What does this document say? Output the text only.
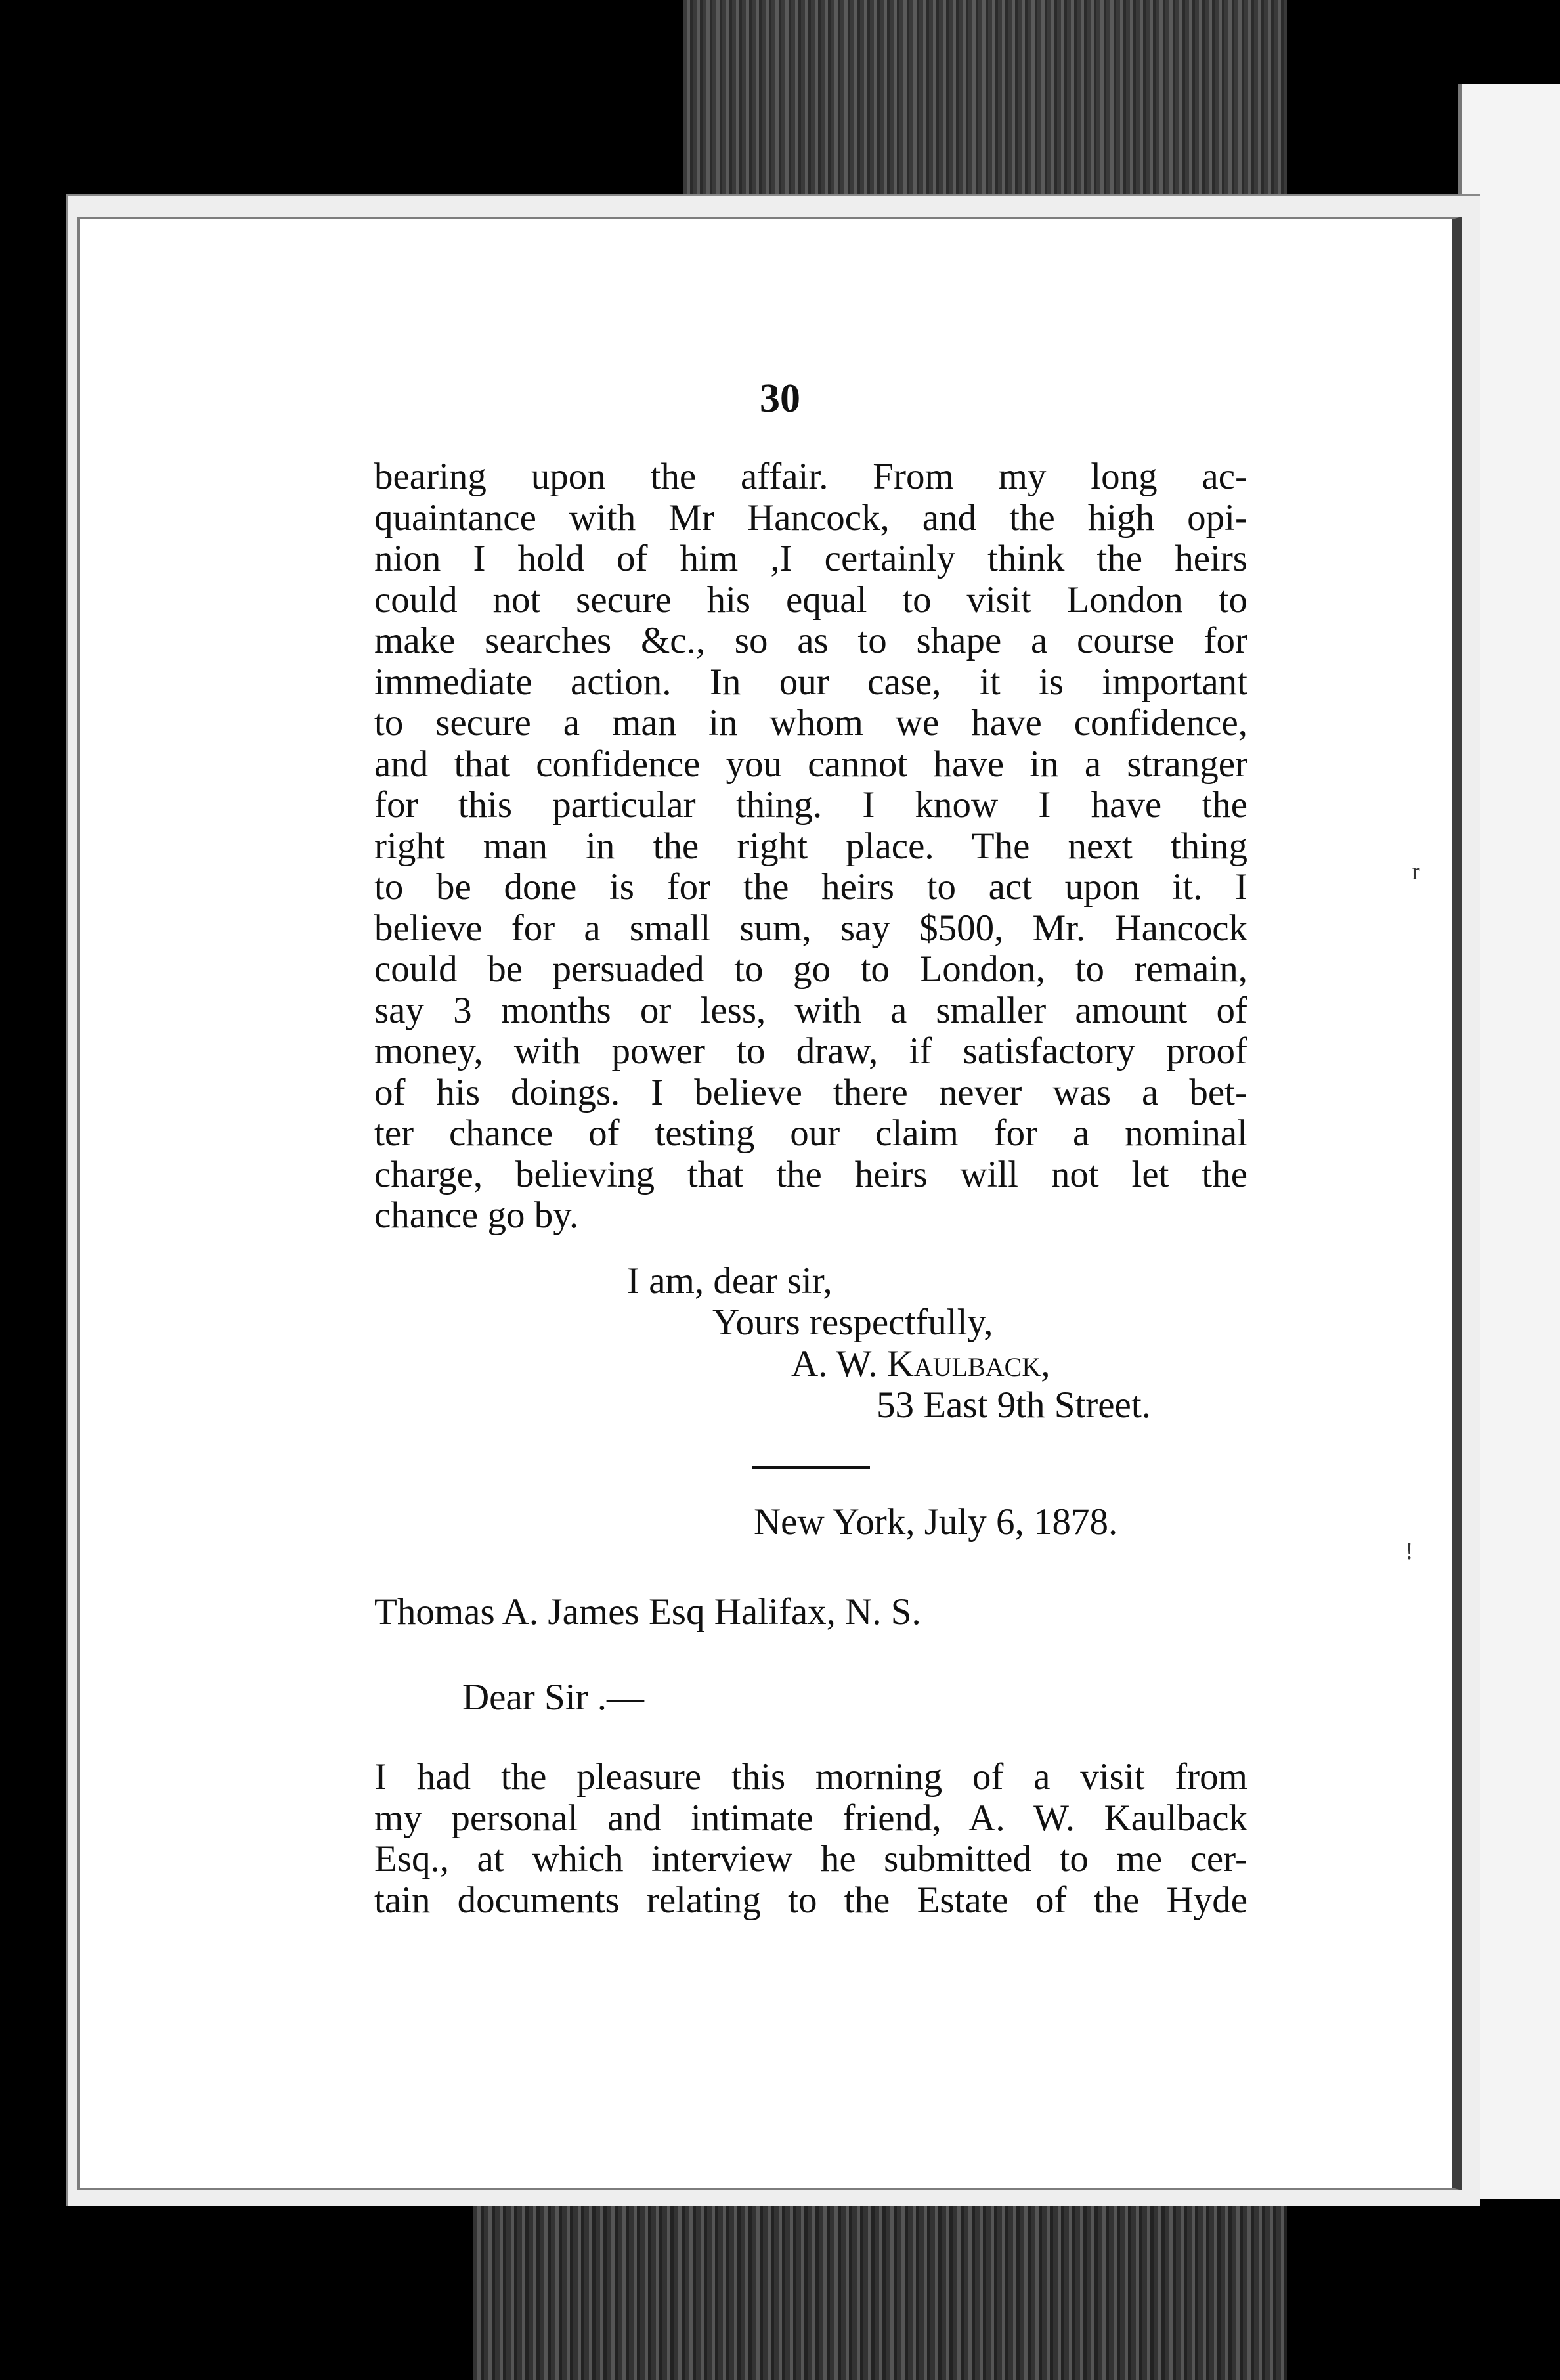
r
!
30
bearing upon the affair. From my long ac-
quaintance with Mr Hancock, and the high opi-
nion I hold of him ,I certainly think the heirs
could not secure his equal to visit London to
make searches &c., so as to shape a course for
immediate action. In our case, it is important
to secure a man in whom we have confidence,
and that confidence you cannot have in a stranger
for this particular thing. I know I have the
right man in the right place. The next thing
to be done is for the heirs to act upon it. I
believe for a small sum, say $500, Mr. Hancock
could be persuaded to go to London, to remain,
say 3 months or less, with a smaller amount of
money, with power to draw, if satisfactory proof
of his doings. I believe there never was a bet-
ter chance of testing our claim for a nominal
charge, believing that the heirs will not let the
chance go by.
I am, dear sir,
Yours respectfully,
A. W. Kaulback,
53 East 9th Street.
New York, July 6, 1878.
Thomas A. James Esq Halifax, N. S.
Dear Sir .—
I had the pleasure this morning of a visit from
my personal and intimate friend, A. W. Kaulback
Esq., at which interview he submitted to me cer-
tain documents relating to the Estate of the Hyde
